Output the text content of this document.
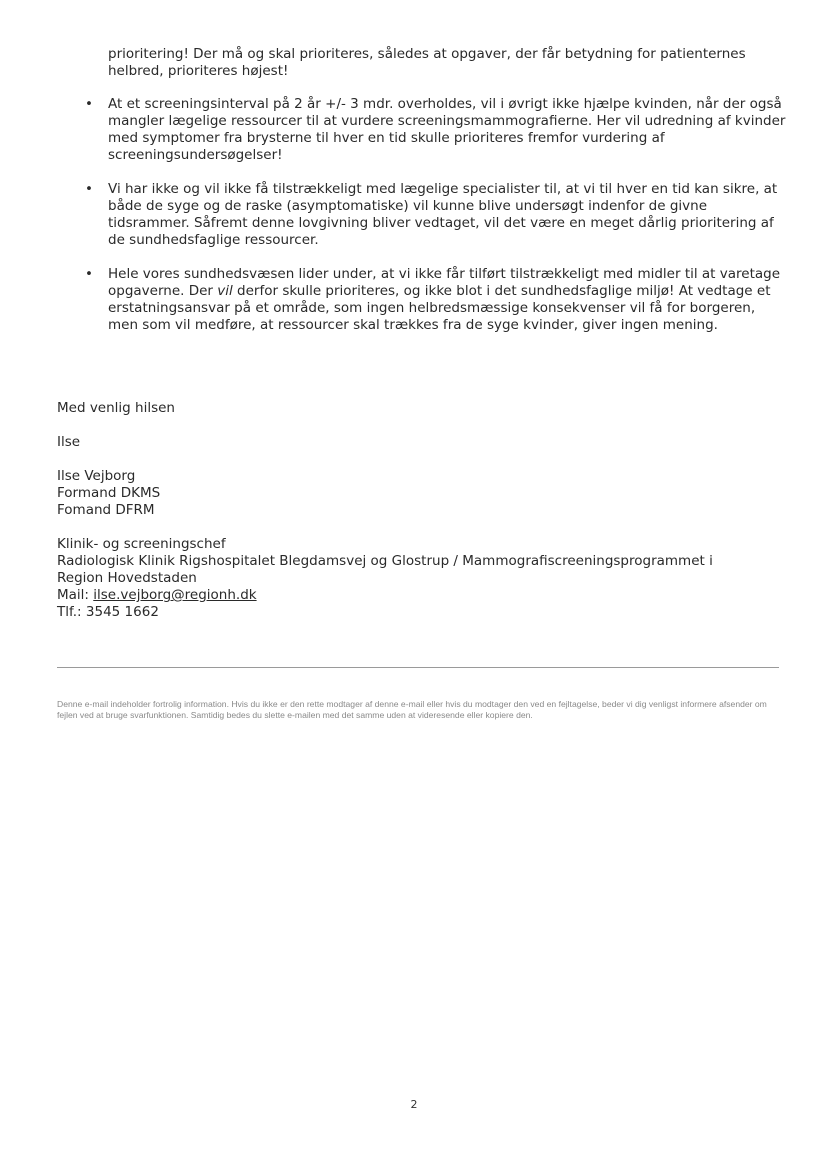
prioritering! Der må og skal prioriteres, således at opgaver, der får betydning for patienternes helbred, prioriteres højest!

• At et screeningsinterval på 2 år +/- 3 mdr. overholdes, vil i øvrigt ikke hjælpe kvinden, når der også mangler lægelige ressourcer til at vurdere screeningsmammografierne. Her vil udredning af kvinder med symptomer fra brysterne til hver en tid skulle prioriteres fremfor vurdering af screeningsundersøgelser!
• Vi har ikke og vil ikke få tilstrækkeligt med lægelige specialister til, at vi til hver en tid kan sikre, at både de syge og de raske (asymptomatiske) vil kunne blive undersøgt indenfor de givne tidsrammer. Såfremt denne lovgivning bliver vedtaget, vil det være en meget dårlig prioritering af de sundhedsfaglige ressourcer.
• Hele vores sundhedsvæsen lider under, at vi ikke får tilført tilstrækkeligt med midler til at varetage opgaverne. Der vil derfor skulle prioriteres, og ikke blot i det sundhedsfaglige miljø! At vedtage et erstatningsansvar på et område, som ingen helbredsmæssige konsekvenser vil få for borgeren, men som vil medføre, at ressourcer skal trækkes fra de syge kvinder, giver ingen mening.
Med venlig hilsen
Ilse
Ilse Vejborg
Formand DKMS
Fomand DFRM
Klinik- og screeningschef
Radiologisk Klinik Rigshospitalet Blegdamsvej og Glostrup / Mammografiscreeningsprogrammet i
Region Hovedstaden
Mail: ilse.vejborg@regionh.dk
Tlf.: 3545 1662

Denne e-mail indeholder fortrolig information. Hvis du ikke er den rette modtager af denne e-mail eller hvis du modtager den ved en fejltagelse, beder vi dig venligst informere afsender om fejlen ved at bruge svarfunktionen. Samtidig bedes du slette e-mailen med det samme uden at videresende eller kopiere den.

2
